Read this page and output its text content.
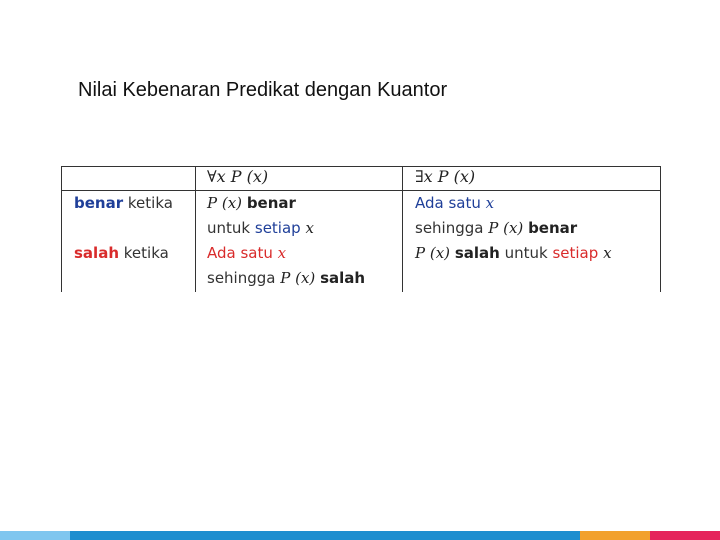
Nilai Kebenaran Predikat dengan Kuantor
∀x P (x)	∃x P (x)
benar ketika
salah ketika
P (x) benar
untuk setiap x
Ada satu x
sehingga P (x) benar
Ada satu x
sehingga P (x) salah
P (x) salah untuk setiap x
